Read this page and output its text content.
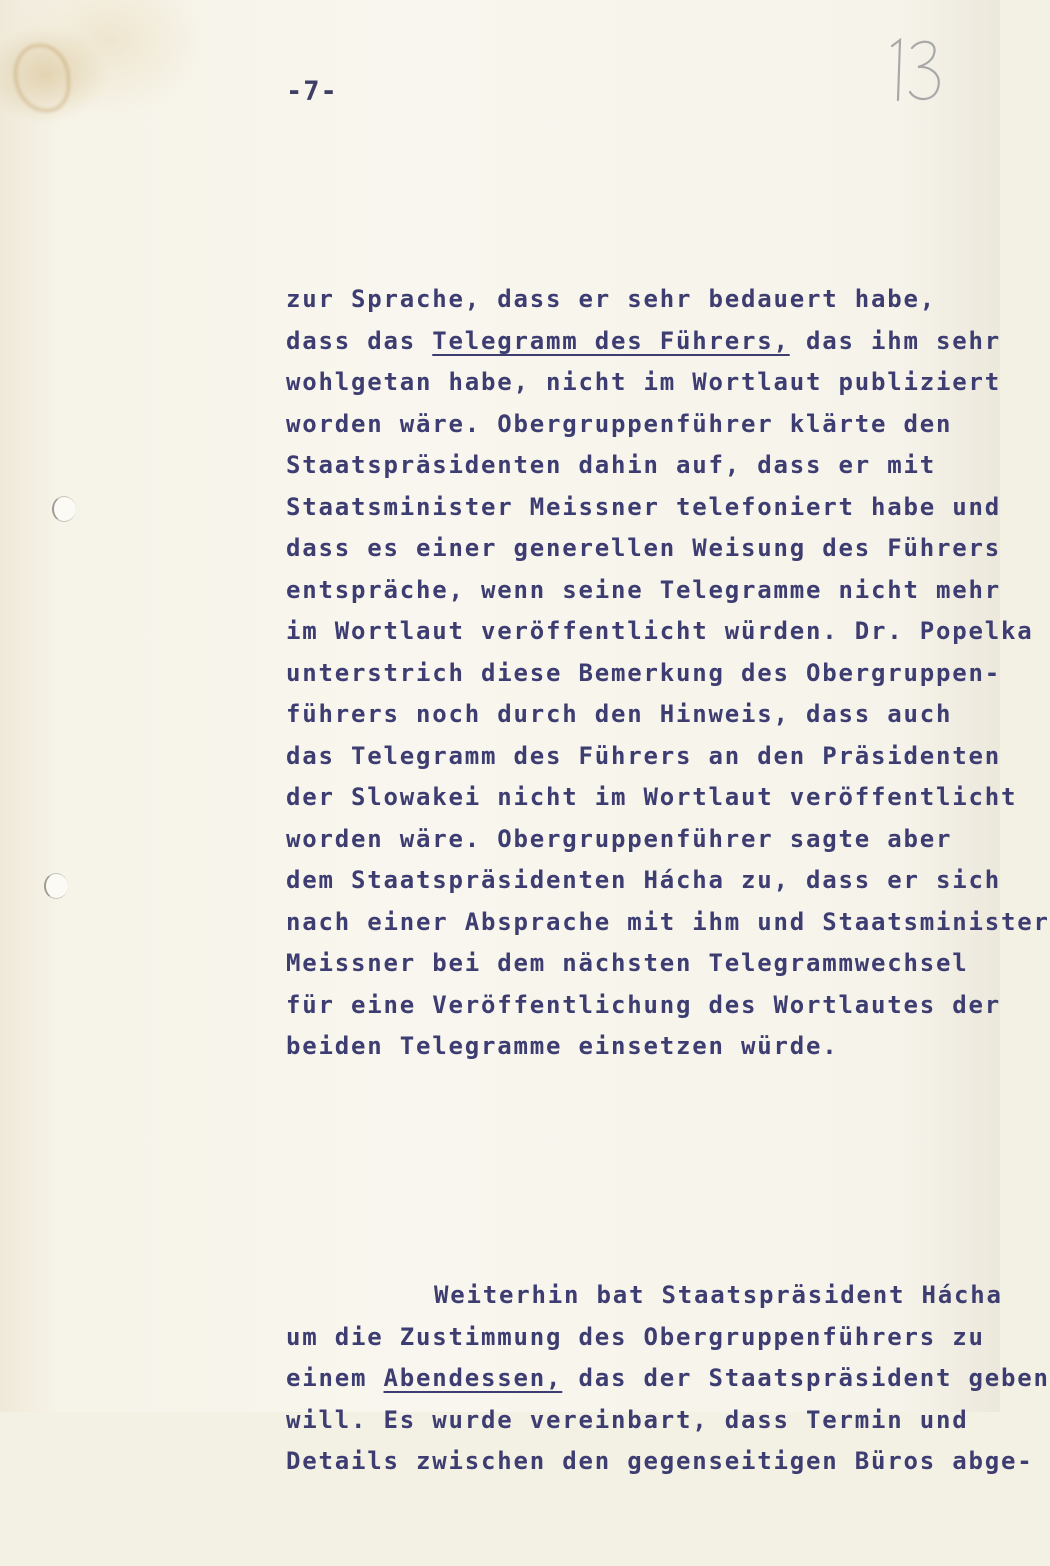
-7-

zur Sprache, dass er sehr bedauert habe,
dass das Telegramm des Führers, das ihm sehr
wohlgetan habe, nicht im Wortlaut publiziert
worden wäre. Obergruppenführer klärte den
Staatspräsidenten dahin auf, dass er mit
Staatsminister Meissner telefoniert habe und
dass es einer generellen Weisung des Führers
entspräche, wenn seine Telegramme nicht mehr
im Wortlaut veröffentlicht würden. Dr. Popelka
unterstrich diese Bemerkung des Obergruppen-
führers noch durch den Hinweis, dass auch
das Telegramm des Führers an den Präsidenten
der Slowakei nicht im Wortlaut veröffentlicht
worden wäre. Obergruppenführer sagte aber
dem Staatspräsidenten Hácha zu, dass er sich
nach einer Absprache mit ihm und Staatsminister
Meissner bei dem nächsten Telegrammwechsel
für eine Veröffentlichung des Wortlautes der
beiden Telegramme einsetzen würde.

Weiterhin bat Staatspräsident Hácha
um die Zustimmung des Obergruppenführers zu
einem Abendessen, das der Staatspräsident geben
will. Es wurde vereinbart, dass Termin und
Details zwischen den gegenseitigen Büros abge-
